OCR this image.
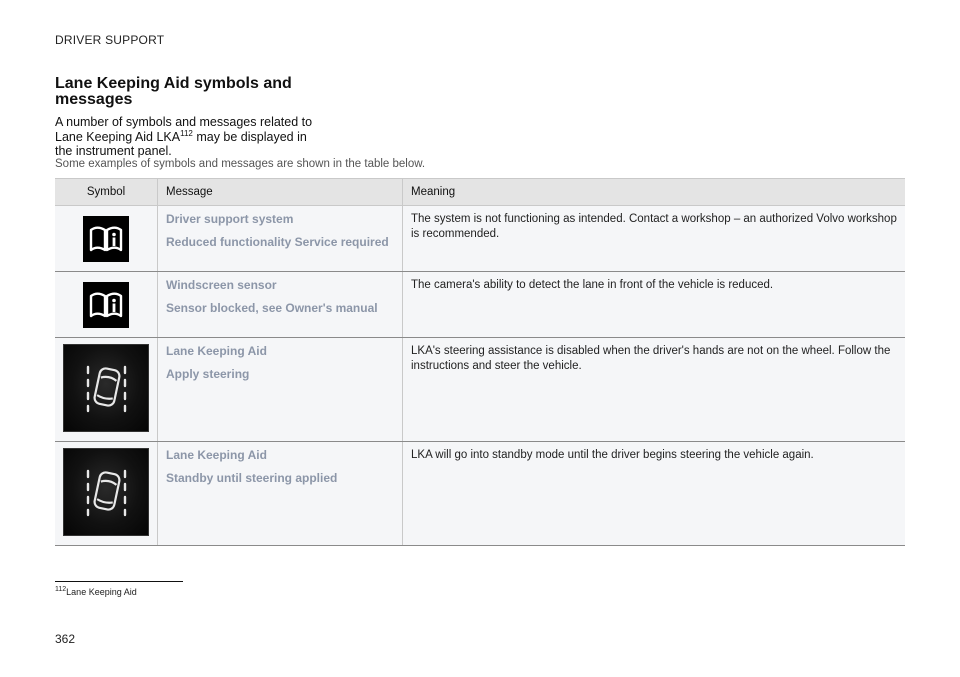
DRIVER SUPPORT
Lane Keeping Aid symbols and messages

A number of symbols and messages related to Lane Keeping Aid LKA$^{112}$ may be displayed in the instrument panel.

Some examples of symbols and messages are shown in the table below.

Symbol	Message	Meaning

Driver support system
Reduced functionality Service required	The system is not functioning as intended. Contact a workshop – an authorized Volvo workshop is recommended.

Windscreen sensor
Sensor blocked, see Owner's manual	The camera's ability to detect the lane in front of the vehicle is reduced.

Lane Keeping Aid
Apply steering	LKA's steering assistance is disabled when the driver's hands are not on the wheel. Follow the instructions and steer the vehicle.

Lane Keeping Aid
Standby until steering applied	LKA will go into standby mode until the driver begins steering the vehicle again.
$^{112}$Lane Keeping Aid
362
